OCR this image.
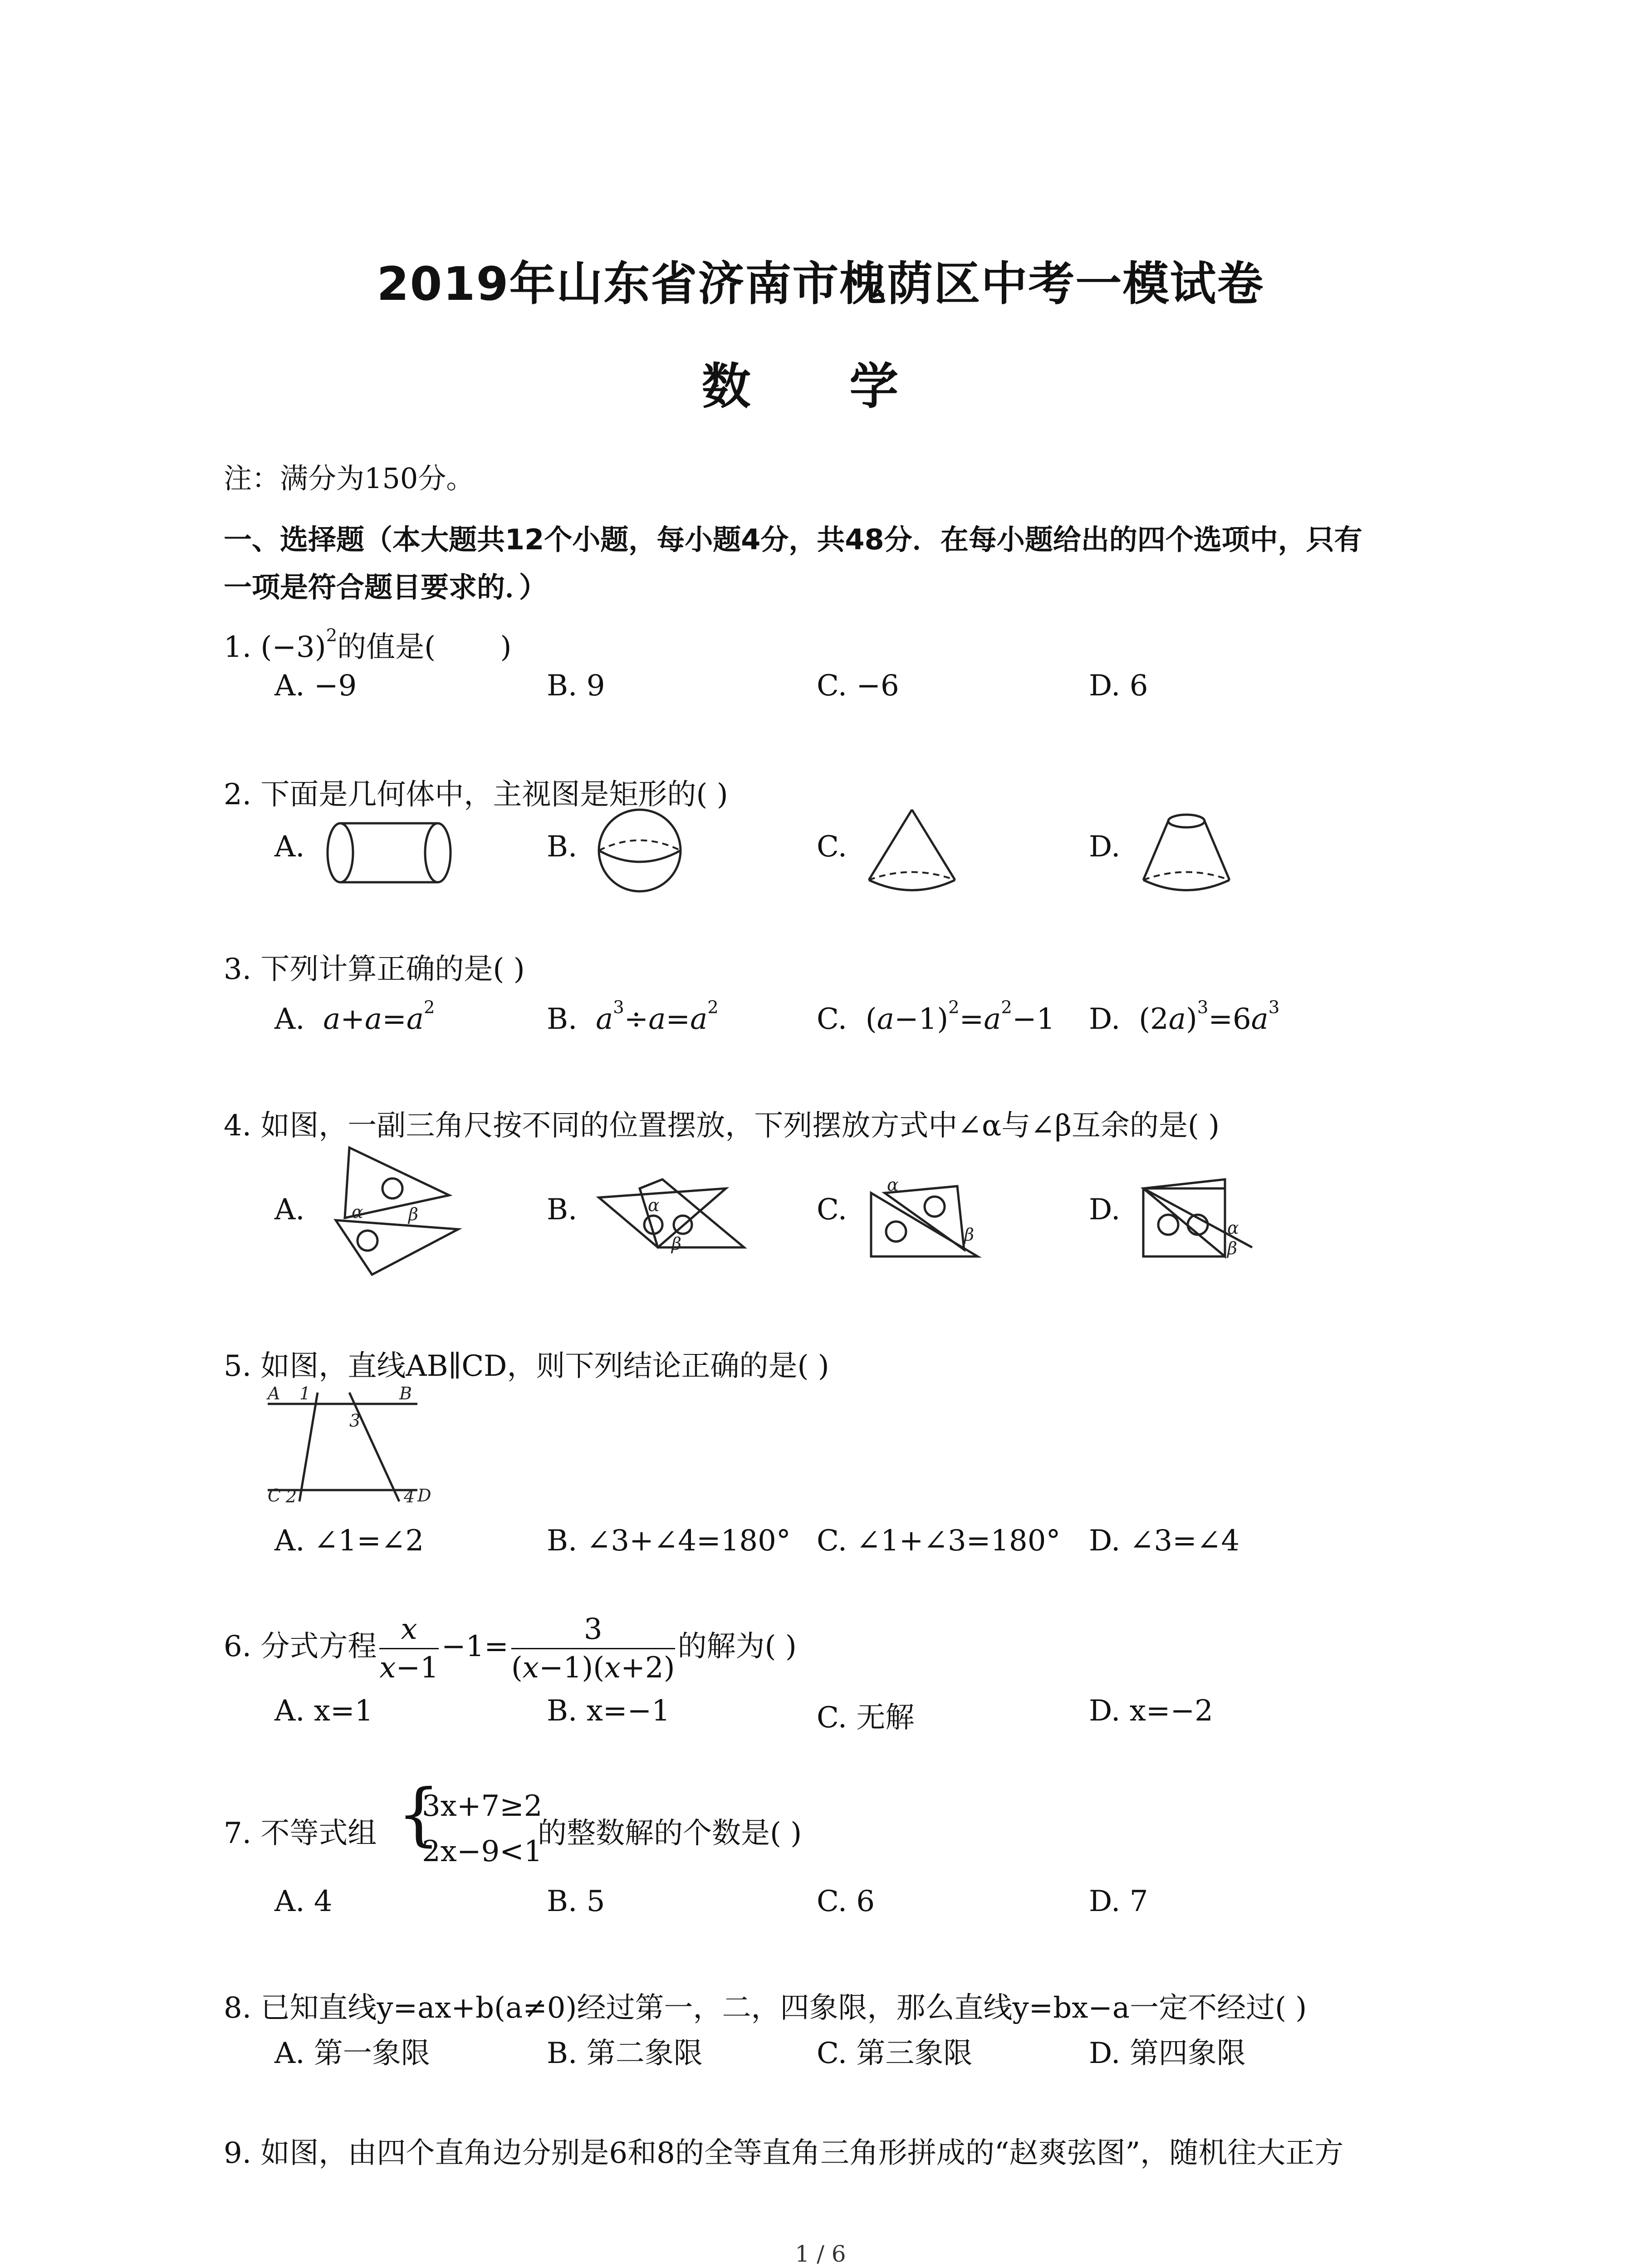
2019年山东省济南市槐荫区中考一模试卷
数 学
注：满分为150分。
一、选择题（本大题共12个小题，每小题4分，共48分．在每小题给出的四个选项中，只有
一项是符合题目要求的．）
1. $(-3)^2$的值是(       )
A. −9	B. 9	C. −6	D. 6
2. 下面是几何体中，主视图是矩形的( )
A.	B.	C.	D.
3. 下列计算正确的是( )
A.  $a+a=a^2$	B.  $a^3\div a=a^2$	C.  $(a-1)^2=a^2-1$ D.  $(2a)^3=6a^3$
4. 如图，一副三角尺按不同的位置摆放，下列摆放方式中∠α与∠β互余的是( )
A.	B.	C.	D.
α	β	α
β
α
β	α
β
5. 如图，直线AB∥CD，则下列结论正确的是( )
A	B
C	D
1
2
3
4
A. ∠1=∠2	B. ∠3+∠4=180° C. ∠1+∠3=180° D. ∠3=∠4
6. 分式方程 $\frac{x}{x-1} -1= \frac{3}{(x-1)(x+2)}$ 的解为( )
A. x=1	B. x=−1	C. 无解	D. x=−2
7. 不等式组 {
3x+7≥2
2x−9<1
的整数解的个数是( )
A. 4	B. 5	C. 6	D. 7
8. 已知直线y=ax+b(a≠0)经过第一，二，四象限，那么直线y=bx−a一定不经过( )
A. 第一象限	B. 第二象限	C. 第三象限	D. 第四象限
9. 如图，由四个直角边分别是6和8的全等直角三角形拼成的“赵爽弦图”，随机往大正方
1 / 6
